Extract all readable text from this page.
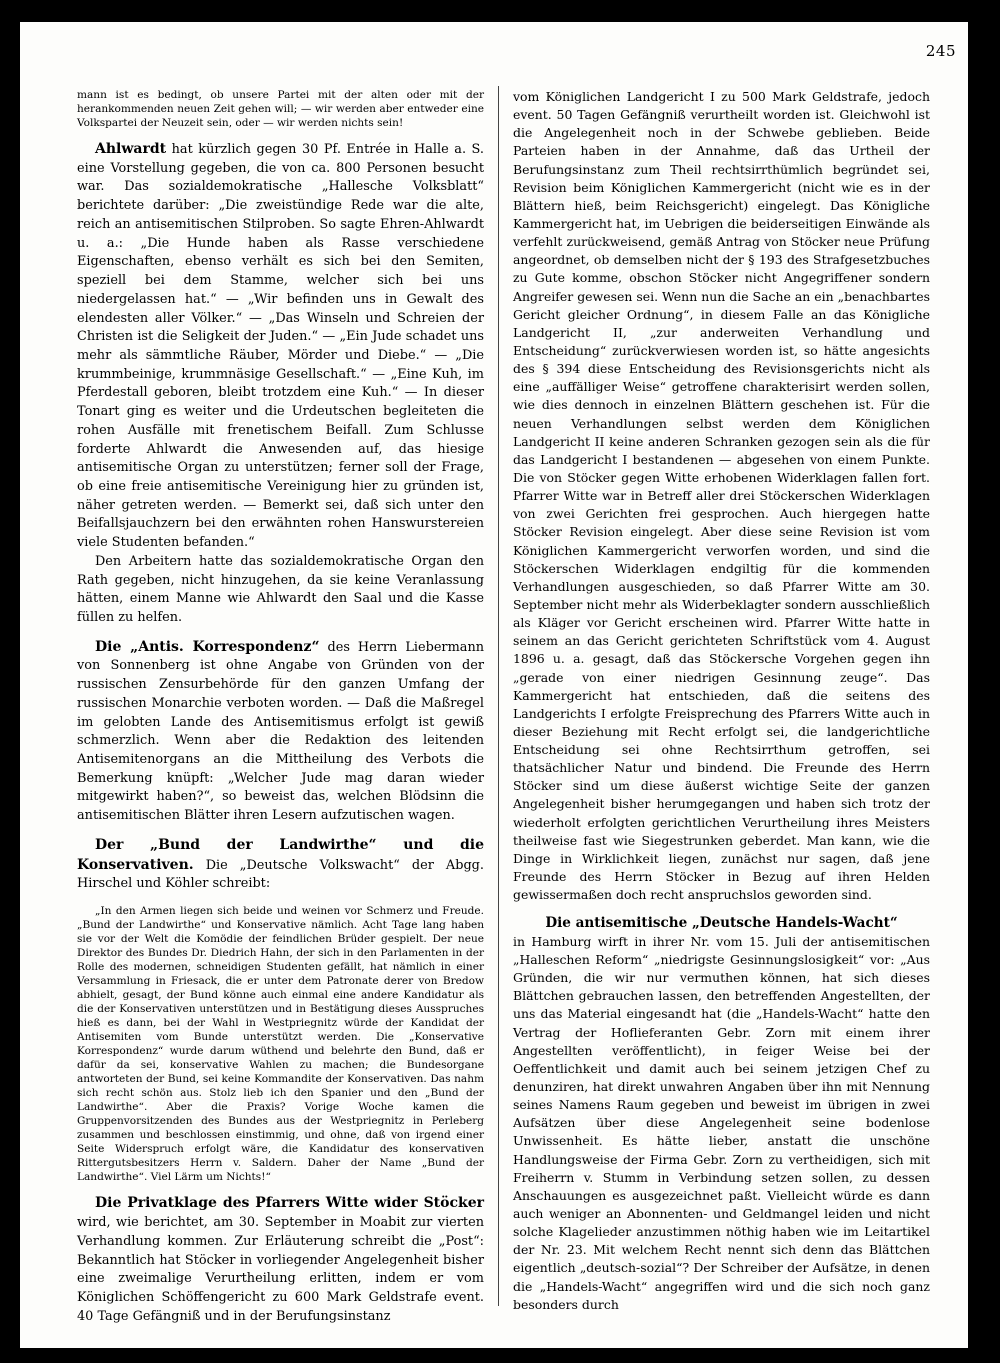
245

mann ist es bedingt, ob unsere Partei mit der alten oder mit der herankommenden neuen Zeit gehen will; — wir werden aber entweder eine Volkspartei der Neuzeit sein, oder — wir werden nichts sein!

Ahlwardt hat kürzlich gegen 30 Pf. Entrée in Halle a. S. eine Vorstellung gegeben, die von ca. 800 Personen besucht war. Das sozialdemokratische „Hallesche Volksblatt“ berichtete darüber: „Die zweistündige Rede war die alte, reich an antisemitischen Stilproben. So sagte Ehren-Ahlwardt u. a.: „Die Hunde haben als Rasse verschiedene Eigenschaften, ebenso verhält es sich bei den Semiten, speziell bei dem Stamme, welcher sich bei uns niedergelassen hat.“ — „Wir befinden uns in Gewalt des elendesten aller Völker.“ — „Das Winseln und Schreien der Christen ist die Seligkeit der Juden.“ — „Ein Jude schadet uns mehr als sämmtliche Räuber, Mörder und Diebe.“ — „Die krummbeinige, krummnäsige Gesellschaft.“ — „Eine Kuh, im Pferdestall geboren, bleibt trotzdem eine Kuh.“ — In dieser Tonart ging es weiter und die Urdeutschen begleiteten die rohen Ausfälle mit frenetischem Beifall. Zum Schlusse forderte Ahlwardt die Anwesenden auf, das hiesige antisemitische Organ zu unterstützen; ferner soll der Frage, ob eine freie antisemitische Vereinigung hier zu gründen ist, näher getreten werden. — Bemerkt sei, daß sich unter den Beifallsjauchzern bei den erwähnten rohen Hanswurstereien viele Studenten befanden.“

Den Arbeitern hatte das sozialdemokratische Organ den Rath gegeben, nicht hinzugehen, da sie keine Veranlassung hätten, einem Manne wie Ahlwardt den Saal und die Kasse füllen zu helfen.

Die „Antis. Korrespondenz“ des Herrn Liebermann von Sonnenberg ist ohne Angabe von Gründen von der russischen Zensurbehörde für den ganzen Umfang der russischen Monarchie verboten worden. — Daß die Maßregel im gelobten Lande des Antisemitismus erfolgt ist gewiß schmerzlich. Wenn aber die Redaktion des leitenden Antisemitenorgans an die Mittheilung des Verbots die Bemerkung knüpft: „Welcher Jude mag daran wieder mitgewirkt haben?“, so beweist das, welchen Blödsinn die antisemitischen Blätter ihren Lesern aufzutischen wagen.

Der „Bund der Landwirthe“ und die Konservativen. Die „Deutsche Volkswacht“ der Abgg. Hirschel und Köhler schreibt:

„In den Armen liegen sich beide und weinen vor Schmerz und Freude. „Bund der Landwirthe“ und Konservative nämlich. Acht Tage lang haben sie vor der Welt die Komödie der feindlichen Brüder gespielt. Der neue Direktor des Bundes Dr. Diedrich Hahn, der sich in den Parlamenten in der Rolle des modernen, schneidigen Studenten gefällt, hat nämlich in einer Versammlung in Friesack, die er unter dem Patronate derer von Bredow abhielt, gesagt, der Bund könne auch einmal eine andere Kandidatur als die der Konservativen unterstützen und in Bestätigung dieses Ausspruches hieß es dann, bei der Wahl in Westpriegnitz würde der Kandidat der Antisemiten vom Bunde unterstützt werden. Die „Konservative Korrespondenz“ wurde darum wüthend und belehrte den Bund, daß er dafür da sei, konservative Wahlen zu machen; die Bundesorgane antworteten der Bund, sei keine Kommandite der Konservativen. Das nahm sich recht schön aus. Stolz lieb ich den Spanier und den „Bund der Landwirthe“. Aber die Praxis? Vorige Woche kamen die Gruppenvorsitzenden des Bundes aus der Westpriegnitz in Perleberg zusammen und beschlossen einstimmig, und ohne, daß von irgend einer Seite Widerspruch erfolgt wäre, die Kandidatur des konservativen Rittergutsbesitzers Herrn v. Saldern. Daher der Name „Bund der Landwirthe“. Viel Lärm um Nichts!“

Die Privatklage des Pfarrers Witte wider Stöcker wird, wie berichtet, am 30. September in Moabit zur vierten Verhandlung kommen. Zur Erläuterung schreibt die „Post“: Bekanntlich hat Stöcker in vorliegender Angelegenheit bisher eine zweimalige Verurtheilung erlitten, indem er vom Königlichen Schöffengericht zu 600 Mark Geldstrafe event. 40 Tage Gefängniß und in der Berufungsinstanz

vom Königlichen Landgericht I zu 500 Mark Geldstrafe, jedoch event. 50 Tagen Gefängniß verurtheilt worden ist. Gleichwohl ist die Angelegenheit noch in der Schwebe geblieben. Beide Parteien haben in der Annahme, daß das Urtheil der Berufungsinstanz zum Theil rechtsirrthümlich begründet sei, Revision beim Königlichen Kammergericht (nicht wie es in der Blättern hieß, beim Reichsgericht) eingelegt. Das Königliche Kammergericht hat, im Uebrigen die beiderseitigen Einwände als verfehlt zurückweisend, gemäß Antrag von Stöcker neue Prüfung angeordnet, ob demselben nicht der § 193 des Strafgesetzbuches zu Gute komme, obschon Stöcker nicht Angegriffener sondern Angreifer gewesen sei. Wenn nun die Sache an ein „benachbartes Gericht gleicher Ordnung“, in diesem Falle an das Königliche Landgericht II, „zur anderweiten Verhandlung und Entscheidung“ zurückverwiesen worden ist, so hätte angesichts des § 394 diese Entscheidung des Revisionsgerichts nicht als eine „auffälliger Weise“ getroffene charakterisirt werden sollen, wie dies dennoch in einzelnen Blättern geschehen ist. Für die neuen Verhandlungen selbst werden dem Königlichen Landgericht II keine anderen Schranken gezogen sein als die für das Landgericht I bestandenen — abgesehen von einem Punkte. Die von Stöcker gegen Witte erhobenen Widerklagen fallen fort. Pfarrer Witte war in Betreff aller drei Stöckerschen Widerklagen von zwei Gerichten frei gesprochen. Auch hiergegen hatte Stöcker Revision eingelegt. Aber diese seine Revision ist vom Königlichen Kammergericht verworfen worden, und sind die Stöckerschen Widerklagen endgiltig für die kommenden Verhandlungen ausgeschieden, so daß Pfarrer Witte am 30. September nicht mehr als Widerbeklagter sondern ausschließlich als Kläger vor Gericht erscheinen wird. Pfarrer Witte hatte in seinem an das Gericht gerichteten Schriftstück vom 4. August 1896 u. a. gesagt, daß das Stöckersche Vorgehen gegen ihn „gerade von einer niedrigen Gesinnung zeuge“. Das Kammergericht hat entschieden, daß die seitens des Landgerichts I erfolgte Freisprechung des Pfarrers Witte auch in dieser Beziehung mit Recht erfolgt sei, die landgerichtliche Entscheidung sei ohne Rechtsirrthum getroffen, sei thatsächlicher Natur und bindend. Die Freunde des Herrn Stöcker sind um diese äußerst wichtige Seite der ganzen Angelegenheit bisher herumgegangen und haben sich trotz der wiederholt erfolgten gerichtlichen Verurtheilung ihres Meisters theilweise fast wie Siegestrunken geberdet. Man kann, wie die Dinge in Wirklichkeit liegen, zunächst nur sagen, daß jene Freunde des Herrn Stöcker in Bezug auf ihren Helden gewissermaßen doch recht anspruchslos geworden sind.

Die antisemitische „Deutsche Handels-Wacht“

in Hamburg wirft in ihrer Nr. vom 15. Juli der antisemitischen „Halleschen Reform“ „niedrigste Gesinnungslosigkeit“ vor: „Aus Gründen, die wir nur vermuthen können, hat sich dieses Blättchen gebrauchen lassen, den betreffenden Angestellten, der uns das Material eingesandt hat (die „Handels-Wacht“ hatte den Vertrag der Hoflieferanten Gebr. Zorn mit einem ihrer Angestellten veröffentlicht), in feiger Weise bei der Oeffentlichkeit und damit auch bei seinem jetzigen Chef zu denunziren, hat direkt unwahren Angaben über ihn mit Nennung seines Namens Raum gegeben und beweist im übrigen in zwei Aufsätzen über diese Angelegenheit seine bodenlose Unwissenheit. Es hätte lieber, anstatt die unschöne Handlungsweise der Firma Gebr. Zorn zu vertheidigen, sich mit Freiherrn v. Stumm in Verbindung setzen sollen, zu dessen Anschauungen es ausgezeichnet paßt. Vielleicht würde es dann auch weniger an Abonnenten- und Geldmangel leiden und nicht solche Klagelieder anzustimmen nöthig haben wie im Leitartikel der Nr. 23. Mit welchem Recht nennt sich denn das Blättchen eigentlich „deutsch-sozial“? Der Schreiber der Aufsätze, in denen die „Handels-Wacht“ angegriffen wird und die sich noch ganz besonders durch
